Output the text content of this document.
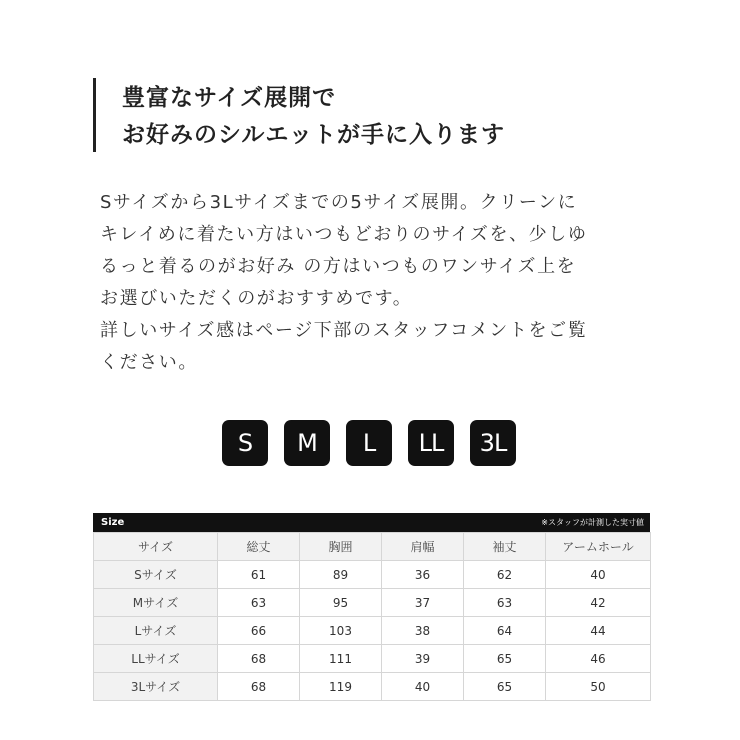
豊富なサイズ展開で
お好みのシルエットが手に入ります

Sサイズから3Lサイズまでの5サイズ展開。クリーンに
キレイめに着たい方はいつもどおりのサイズを、少しゆ
るっと着るのがお好み の方はいつものワンサイズ上を
お選びいただくのがおすすめです。
詳しいサイズ感はページ下部のスタッフコメントをご覧
ください。

S	M	L	LL	3L
Size	※スタッフが計測した実寸値
サイズ	総丈	胸囲	肩幅	袖丈	アームホール
Sサイズ	61	89	36	62	40
Mサイズ	63	95	37	63	42
Lサイズ	66	103	38	64	44
LLサイズ	68	111	39	65	46
3Lサイズ	68	119	40	65	50
